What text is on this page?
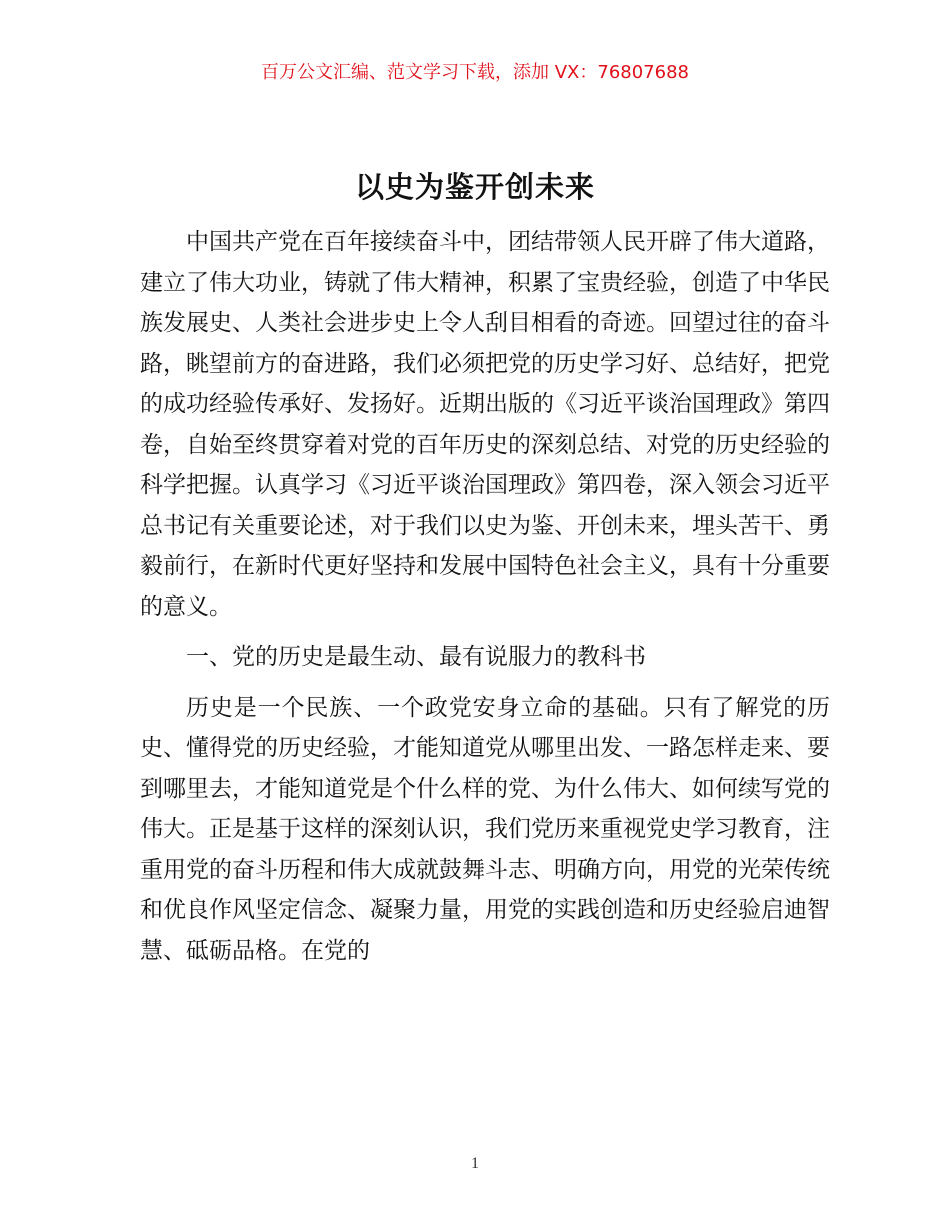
百万公文汇编、范文学习下载，添加 VX：76807688
以史为鉴开创未来

中国共产党在百年接续奋斗中，团结带领人民开辟了伟大道路，建立了伟大功业，铸就了伟大精神，积累了宝贵经验，创造了中华民族发展史、人类社会进步史上令人刮目相看的奇迹。回望过往的奋斗路，眺望前方的奋进路，我们必须把党的历史学习好、总结好，把党的成功经验传承好、发扬好。近期出版的《习近平谈治国理政》第四卷，自始至终贯穿着对党的百年历史的深刻总结、对党的历史经验的科学把握。认真学习《习近平谈治国理政》第四卷，深入领会习近平总书记有关重要论述，对于我们以史为鉴、开创未来，埋头苦干、勇毅前行，在新时代更好坚持和发展中国特色社会主义，具有十分重要的意义。

一、党的历史是最生动、最有说服力的教科书

历史是一个民族、一个政党安身立命的基础。只有了解党的历史、懂得党的历史经验，才能知道党从哪里出发、一路怎样走来、要到哪里去，才能知道党是个什么样的党、为什么伟大、如何续写党的伟大。正是基于这样的深刻认识，我们党历来重视党史学习教育，注重用党的奋斗历程和伟大成就鼓舞斗志、明确方向，用党的光荣传统和优良作风坚定信念、凝聚力量，用党的实践创造和历史经验启迪智慧、砥砺品格。在党的

1
